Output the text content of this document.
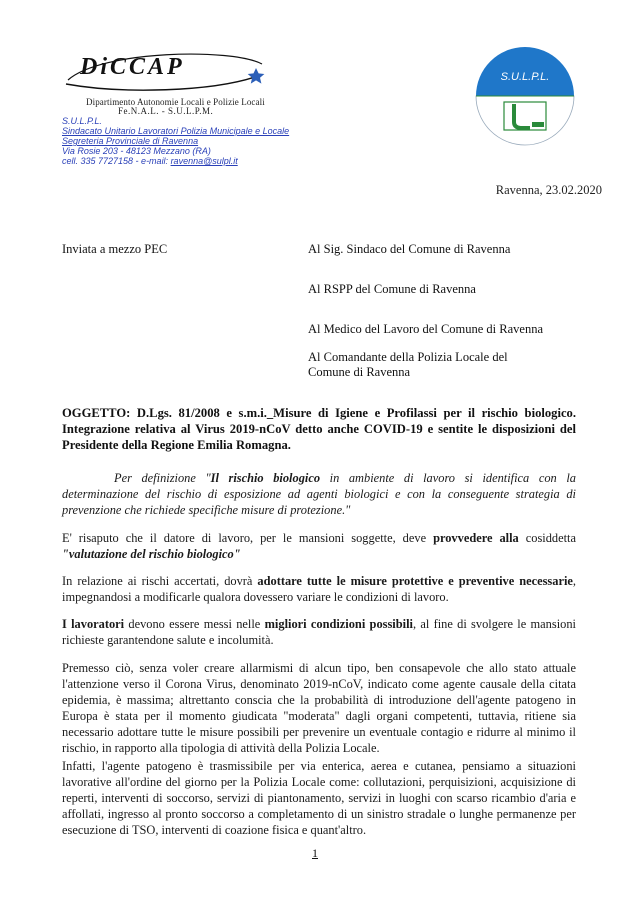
DiCCAP
Dipartimento Autonomie Locali e Polizie Locali
Fe.N.A.L. - S.U.L.P.M.
S.U.L.P.L.
Sindacato Unitario Lavoratori Polizia Municipale e Locale
Segreteria Provinciale di Ravenna
Via Rosie 203 - 48123 Mezzano (RA)
cell. 335 7727158 - e-mail: ravenna@sulpl.it
S.U.L.P.L.
Ravenna, 23.02.2020
Inviata a mezzo PEC	Al Sig. Sindaco del Comune di Ravenna
Al RSPP del Comune di Ravenna
Al Medico del Lavoro del Comune di Ravenna
Al Comandante della Polizia Locale del
Comune di Ravenna
OGGETTO: D.Lgs. 81/2008 e s.m.i._Misure di Igiene e Profilassi per il rischio biologico. Integrazione relativa al Virus 2019-nCoV detto anche COVID-19 e sentite le disposizioni del Presidente della Regione Emilia Romagna.
Per definizione "Il rischio biologico in ambiente di lavoro si identifica con la determinazione del rischio di esposizione ad agenti biologici e con la conseguente strategia di prevenzione che richiede specifiche misure di protezione."
E' risaputo che il datore di lavoro, per le mansioni soggette, deve provvedere alla cosiddetta "valutazione del rischio biologico"
In relazione ai rischi accertati, dovrà adottare tutte le misure protettive e preventive necessarie, impegnandosi a modificarle qualora dovessero variare le condizioni di lavoro.
I lavoratori devono essere messi nelle migliori condizioni possibili, al fine di svolgere le mansioni richieste garantendone salute e incolumità.
Premesso ciò, senza voler creare allarmismi di alcun tipo, ben consapevole che allo stato attuale l'attenzione verso il Corona Virus, denominato 2019-nCoV, indicato come agente causale della citata epidemia, è massima; altrettanto conscia che la probabilità di introduzione dell'agente patogeno in Europa è stata per il momento giudicata "moderata" dagli organi competenti, tuttavia, ritiene sia necessario adottare tutte le misure possibili per prevenire un eventuale contagio e ridurre al minimo il rischio, in rapporto alla tipologia di attività della Polizia Locale.
Infatti, l'agente patogeno è trasmissibile per via enterica, aerea e cutanea, pensiamo a situazioni lavorative all'ordine del giorno per la Polizia Locale come: collutazioni, perquisizioni, acquisizione di reperti, interventi di soccorso, servizi di piantonamento, servizi in luoghi con scarso ricambio d'aria e affollati, ingresso al pronto soccorso a completamento di un sinistro stradale o lunghe permanenze per esecuzione di TSO, interventi di coazione fisica e quant'altro.
1
